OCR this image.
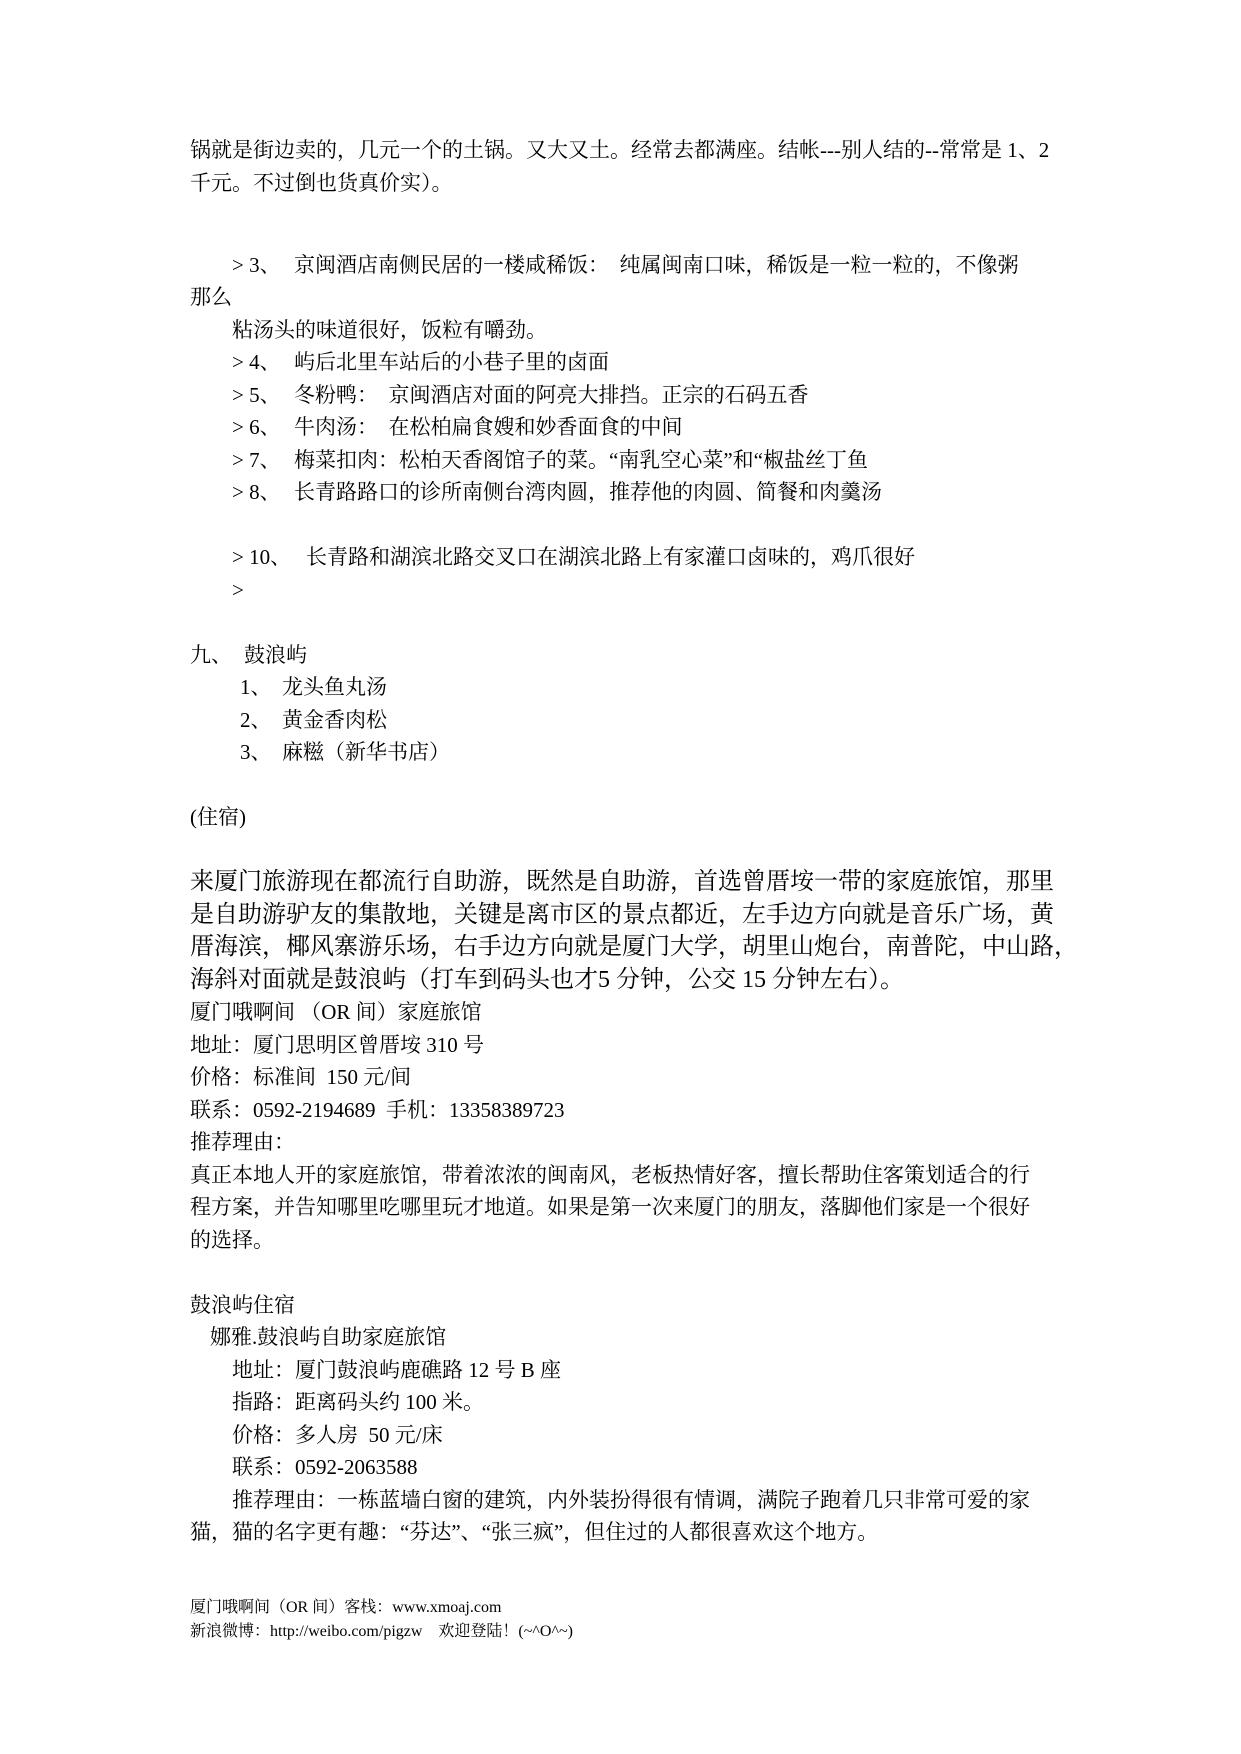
锅就是街边卖的，几元一个的土锅。又大又土。经常去都满座。结帐---别人结的--常常是 1、2
千元。不过倒也货真价实）。
> 3、 京闽酒店南侧民居的一楼咸稀饭：  纯属闽南口味，稀饭是一粒一粒的，不像粥
那么
粘汤头的味道很好，饭粒有嚼劲。
> 4、 屿后北里车站后的小巷子里的卤面
> 5、 冬粉鸭：  京闽酒店对面的阿亮大排挡。正宗的石码五香
> 6、 牛肉汤：  在松柏扁食嫂和妙香面食的中间
> 7、 梅菜扣肉：松柏天香阁馆子的菜。“南乳空心菜”和“椒盐丝丁鱼
> 8、 长青路路口的诊所南侧台湾肉圆，推荐他的肉圆、简餐和肉羹汤
> 10、 长青路和湖滨北路交叉口在湖滨北路上有家灌口卤味的，鸡爪很好
>
九、 鼓浪屿
1、 龙头鱼丸汤
2、 黄金香肉松
3、 麻糍（新华书店）
(住宿)
来厦门旅游现在都流行自助游，既然是自助游，首选曾厝垵一带的家庭旅馆，那里
是自助游驴友的集散地，关键是离市区的景点都近，左手边方向就是音乐广场，黄
厝海滨，椰风寨游乐场，右手边方向就是厦门大学，胡里山炮台，南普陀，中山路，
海斜对面就是鼓浪屿（打车到码头也才5 分钟，公交 15 分钟左右）。
厦门哦啊间 （OR 间）家庭旅馆
地址：厦门思明区曾厝垵 310 号
价格：标准间  150 元/间
联系：0592-2194689  手机：13358389723
推荐理由：
真正本地人开的家庭旅馆，带着浓浓的闽南风，老板热情好客，擅长帮助住客策划适合的行
程方案，并告知哪里吃哪里玩才地道。如果是第一次来厦门的朋友，落脚他们家是一个很好
的选择。
鼓浪屿住宿
娜雅.鼓浪屿自助家庭旅馆
地址：厦门鼓浪屿鹿礁路 12 号 B 座
指路：距离码头约 100 米。
价格：多人房  50 元/床
联系：0592-2063588
推荐理由：一栋蓝墙白窗的建筑，内外装扮得很有情调，满院子跑着几只非常可爱的家
猫，猫的名字更有趣：“芬达”、“张三疯”，但住过的人都很喜欢这个地方。
厦门哦啊间（OR 间）客栈：www.xmoaj.com
新浪微博：http://weibo.com/pigzw    欢迎登陆！(~^O^~)
